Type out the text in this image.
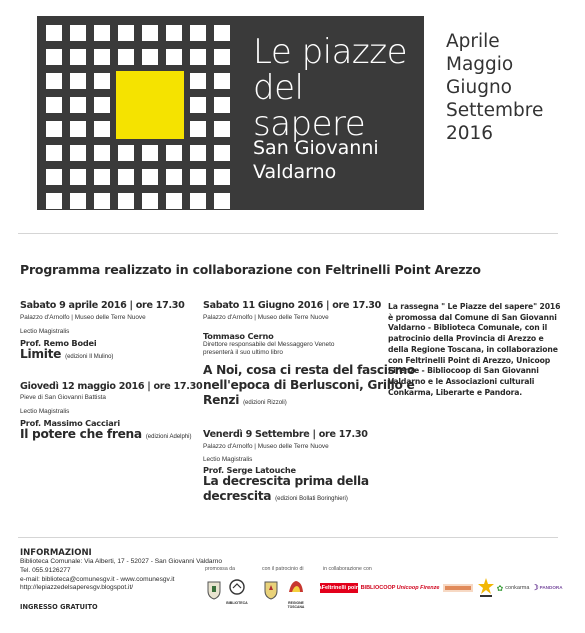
Le piazze
del sapere
San Giovanni
Valdarno
Aprile
Maggio
Giugno
Settembre
2016
Programma realizzato in collaborazione con Feltrinelli Point Arezzo
Sabato 9 aprile 2016 | ore 17.30
Palazzo d'Arnolfo | Museo delle Terre Nuove
Lectio Magistralis
Prof. Remo Bodei
Limite (edizioni Il Mulino)
Giovedì 12 maggio 2016 | ore 17.30
Pieve di San Giovanni Battista
Lectio Magistralis
Prof. Massimo Cacciari
Il potere che frena (edizioni Adelphi)
Sabato 11 Giugno 2016 | ore 17.30
Palazzo d'Arnolfo | Museo delle Terre Nuove
Tommaso Cerno
Direttore responsabile del Messaggero Veneto
presenterà il suo ultimo libro
A Noi, cosa ci resta del fascismo
nell'epoca di Berlusconi, Grillo e
Renzi (edizioni Rizzoli)
Venerdì 9 Settembre | ore 17.30
Palazzo d'Arnolfo | Museo delle Terre Nuove
Lectio Magistralis
Prof. Serge Latouche
La decrescita prima della
decrescita (edizioni Bollati Boringhieri)
La rassegna " Le Piazze del sapere" 2016 è promossa dal Comune di San Giovanni Valdarno - Biblioteca Comunale, con il patrocinio della Provincia di Arezzo e della Regione Toscana, in collaborazione con Feltrinelli Point di Arezzo, Unicoop Firenze - Bibliocoop di San Giovanni Valdarno e le Associazioni culturali Conkarma, Liberarte e Pandora.
INFORMAZIONI
Biblioteca Comunale: Via Alberti, 17 - 52027 - San Giovanni Valdarno
Tel. 055.9126277
e-mail: biblioteca@comunesgv.it - www.comunesgv.it
http://lepiazzedelsaperesgv.blogspot.it/
INGRESSO GRATUITO
promossa da	con il patrocinio di	in collaborazione con
BIBLIOTECA	REGIONE TOSCANA
laFeltrinelli point BIBLIOCOOP Unicoop Firenze	✿ conkarma ☽ PANDORA
